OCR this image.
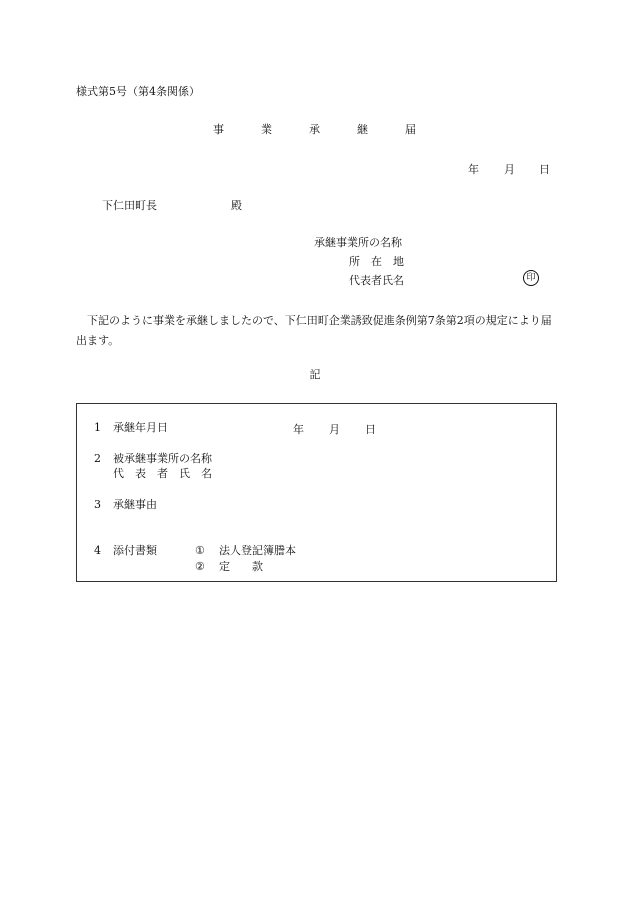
様式第5号（第4条関係）
事	業	承	継	届
年 月 日
下仁田町長	殿
承継事業所の名称
所在地
代表者氏名	印
下記のように事業を承継しましたので、下仁田町企業誘致促進条例第7条第2項の規定により届出ます。
記
1 承継年月日	年 月 日
2 被承継事業所の名称
代　表　者　氏　名
3 承継事由
4 添付書類	① 法人登記簿謄本
② 定　　款
